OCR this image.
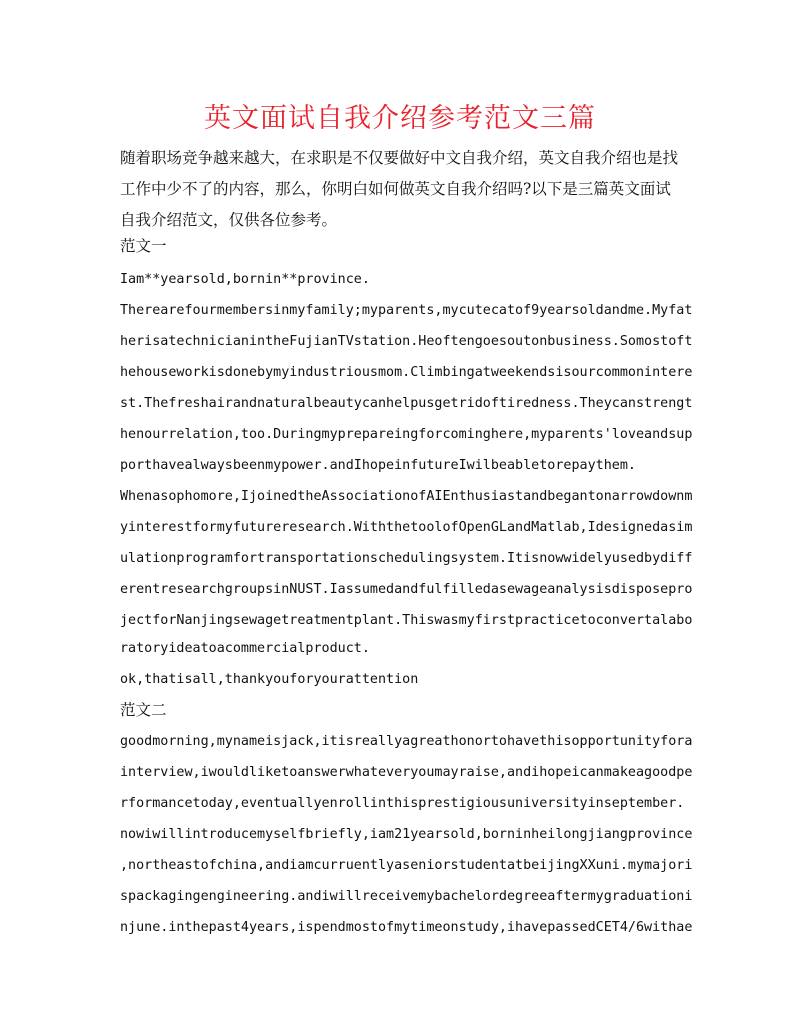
英文面试自我介绍参考范文三篇
随着职场竞争越来越大，在求职是不仅要做好中文自我介绍，英文自我介绍也是找工作中少不了的内容，那么，你明白如何做英文自我介绍吗?以下是三篇英文面试自我介绍范文，仅供各位参考。
范文一
Iam**yearsold,bornin**province.
Therearefourmembersinmyfamily;myparents,mycutecatof9yearsoldandme.Myfat
herisatechnicianintheFujianTVstation.Heoftengoesoutonbusiness.Somostoft
hehouseworkisdonebymyindustriousmom.Climbingatweekendsisourcommonintere
st.Thefreshairandnaturalbeautycanhelpusgetridoftiredness.Theycanstrengt
henourrelation,too.Duringmyprepareingforcominghere,myparents'loveandsup
porthavealwaysbeenmypower.andIhopeinfutureIwilbeabletorepaythem.
Whenasophomore,IjoinedtheAssociationofAIEnthusiastandbegantonarrowdownm
yinterestformyfutureresearch.WiththetoolofOpenGLandMatlab,Idesignedasim
ulationprogramfortransportationschedulingsystem.Itisnowwidelyusedbydiff
erentresearchgroupsinNUST.Iassumedandfulfilledasewageanalysisdisposepro
jectforNanjingsewagetreatmentplant.Thiswasmyfirstpracticetoconvertalabo
ratoryideatoacommercialproduct.
ok,thatisall,thankyouforyourattention
范文二
goodmorning,mynameisjack,itisreallyagreathonortohavethisopportunityfora
interview,iwouldliketoanswerwhateveryoumayraise,andihopeicanmakeagoodpe
rformancetoday,eventuallyenrollinthisprestigiousuniversityinseptember.
nowiwillintroducemyselfbriefly,iam21yearsold,borninheilongjiangprovince
,northeastofchina,andiamcurruentlyaseniorstudentatbeijingXXuni.mymajori
spackagingengineering.andiwillreceivemybachelordegreeaftermygraduationi
njune.inthepast4years,ispendmostofmytimeonstudy,ihavepassedCET4/6withae
